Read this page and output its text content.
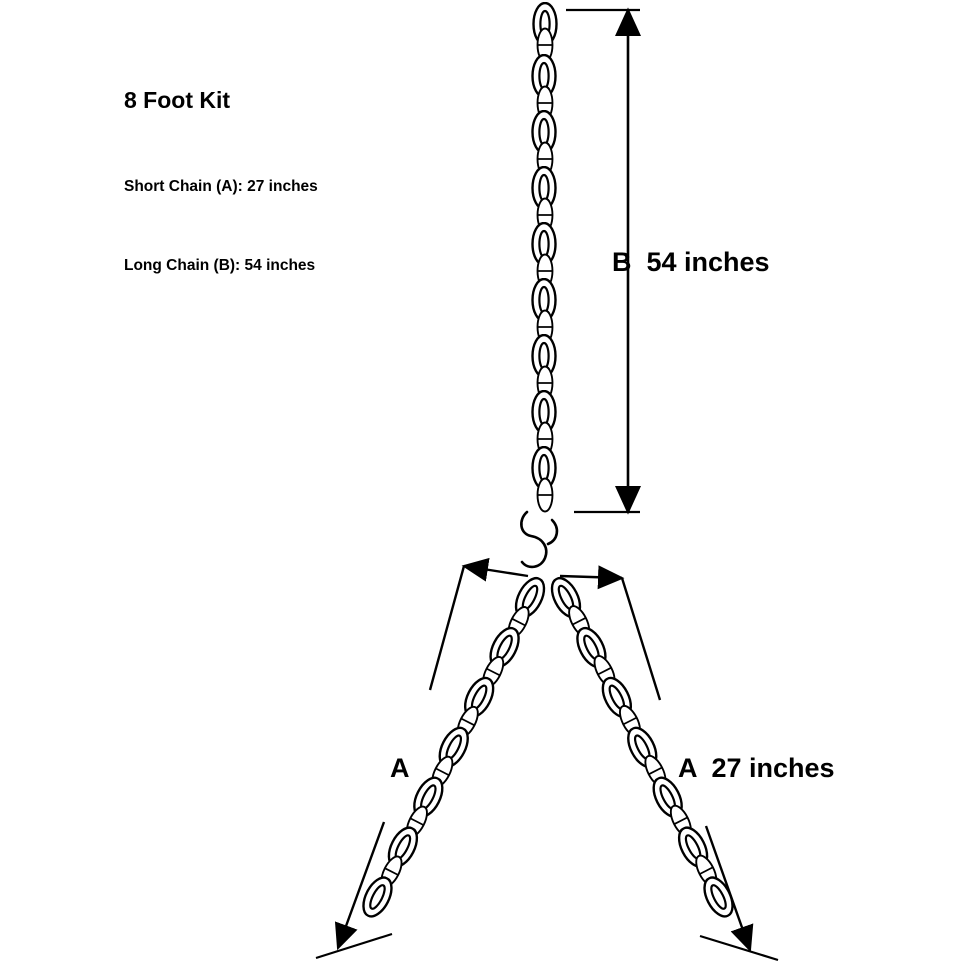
8 Foot Kit

Short Chain (A): 27 inches

Long Chain (B): 54 inches

	B  54 inches
A	A  27 inches
